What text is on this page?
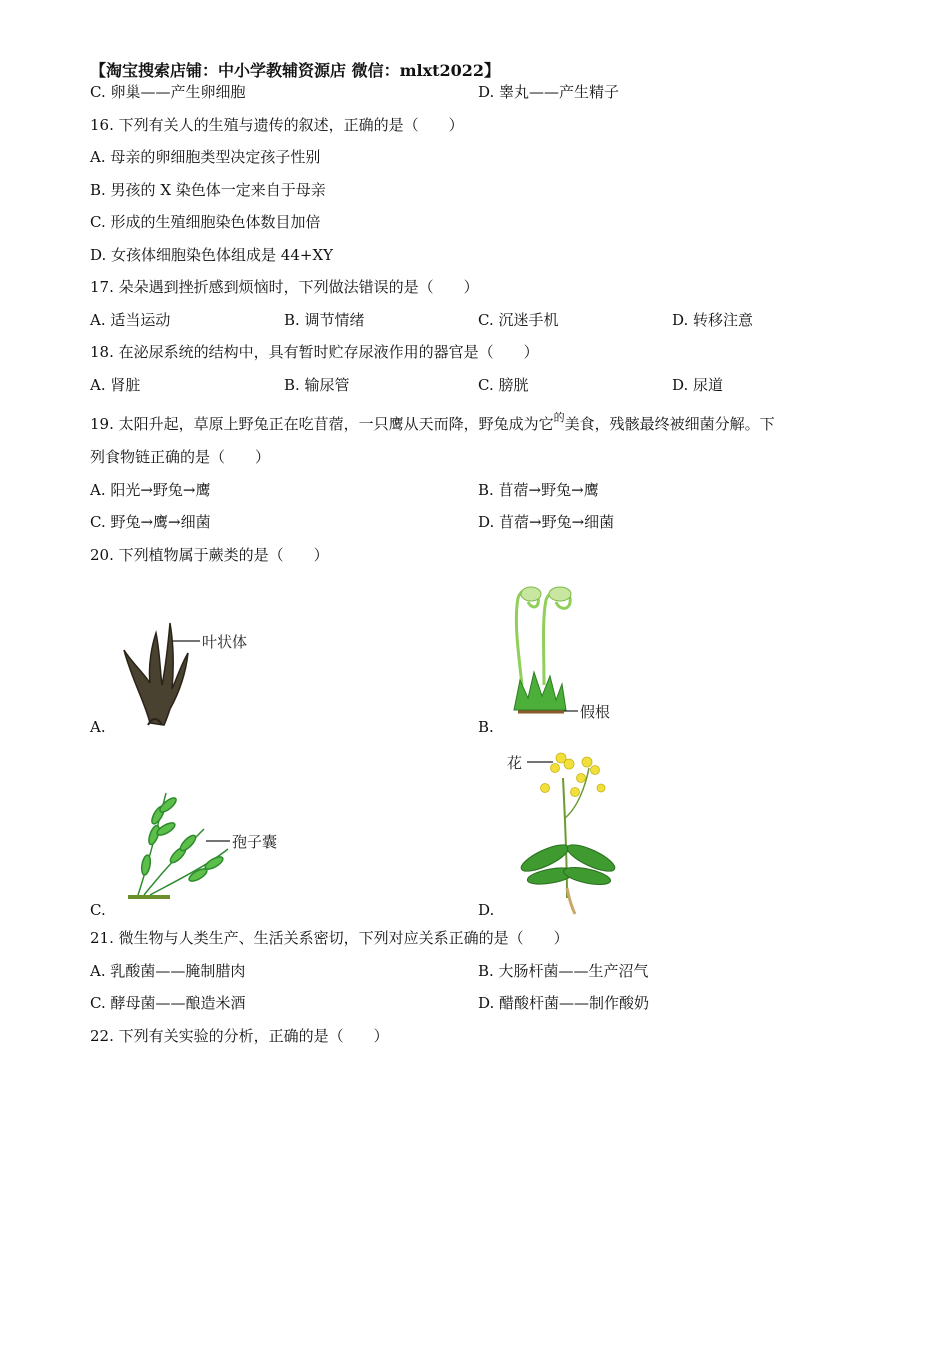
【淘宝搜索店铺：中小学教辅资源店 微信：mlxt2022】
C. 卵巢——产生卵细胞	D. 睾丸——产生精子
16. 下列有关人的生殖与遗传的叙述，正确的是（　　）
A. 母亲的卵细胞类型决定孩子性别
B. 男孩的 X 染色体一定来自于母亲
C. 形成的生殖细胞染色体数目加倍
D. 女孩体细胞染色体组成是 44+XY
17. 朵朵遇到挫折感到烦恼时，下列做法错误的是（　　）
A. 适当运动	B. 调节情绪	C. 沉迷手机	D. 转移注意
18. 在泌尿系统的结构中，具有暂时贮存尿液作用的器官是（　　）
A. 肾脏	B. 输尿管	C. 膀胱	D. 尿道
19. 太阳升起，草原上野兔正在吃苜蓿，一只鹰从天而降，野兔成为它$^的$美食，残骸最终被细菌分解。下
列食物链正确的是（　　）
A. 阳光→野兔→鹰	B. 苜蓿→野兔→鹰
C. 野兔→鹰→细菌	D. 苜蓿→野兔→细菌
20. 下列植物属于蕨类的是（　　）
叶状体
A.
假根
B.
孢子囊
C.
花
D.
21. 微生物与人类生产、生活关系密切，下列对应关系正确的是（　　）
A. 乳酸菌——腌制腊肉	B. 大肠杆菌——生产沼气
C. 酵母菌——酿造米酒	D. 醋酸杆菌——制作酸奶
22. 下列有关实验的分析，正确的是（　　）
